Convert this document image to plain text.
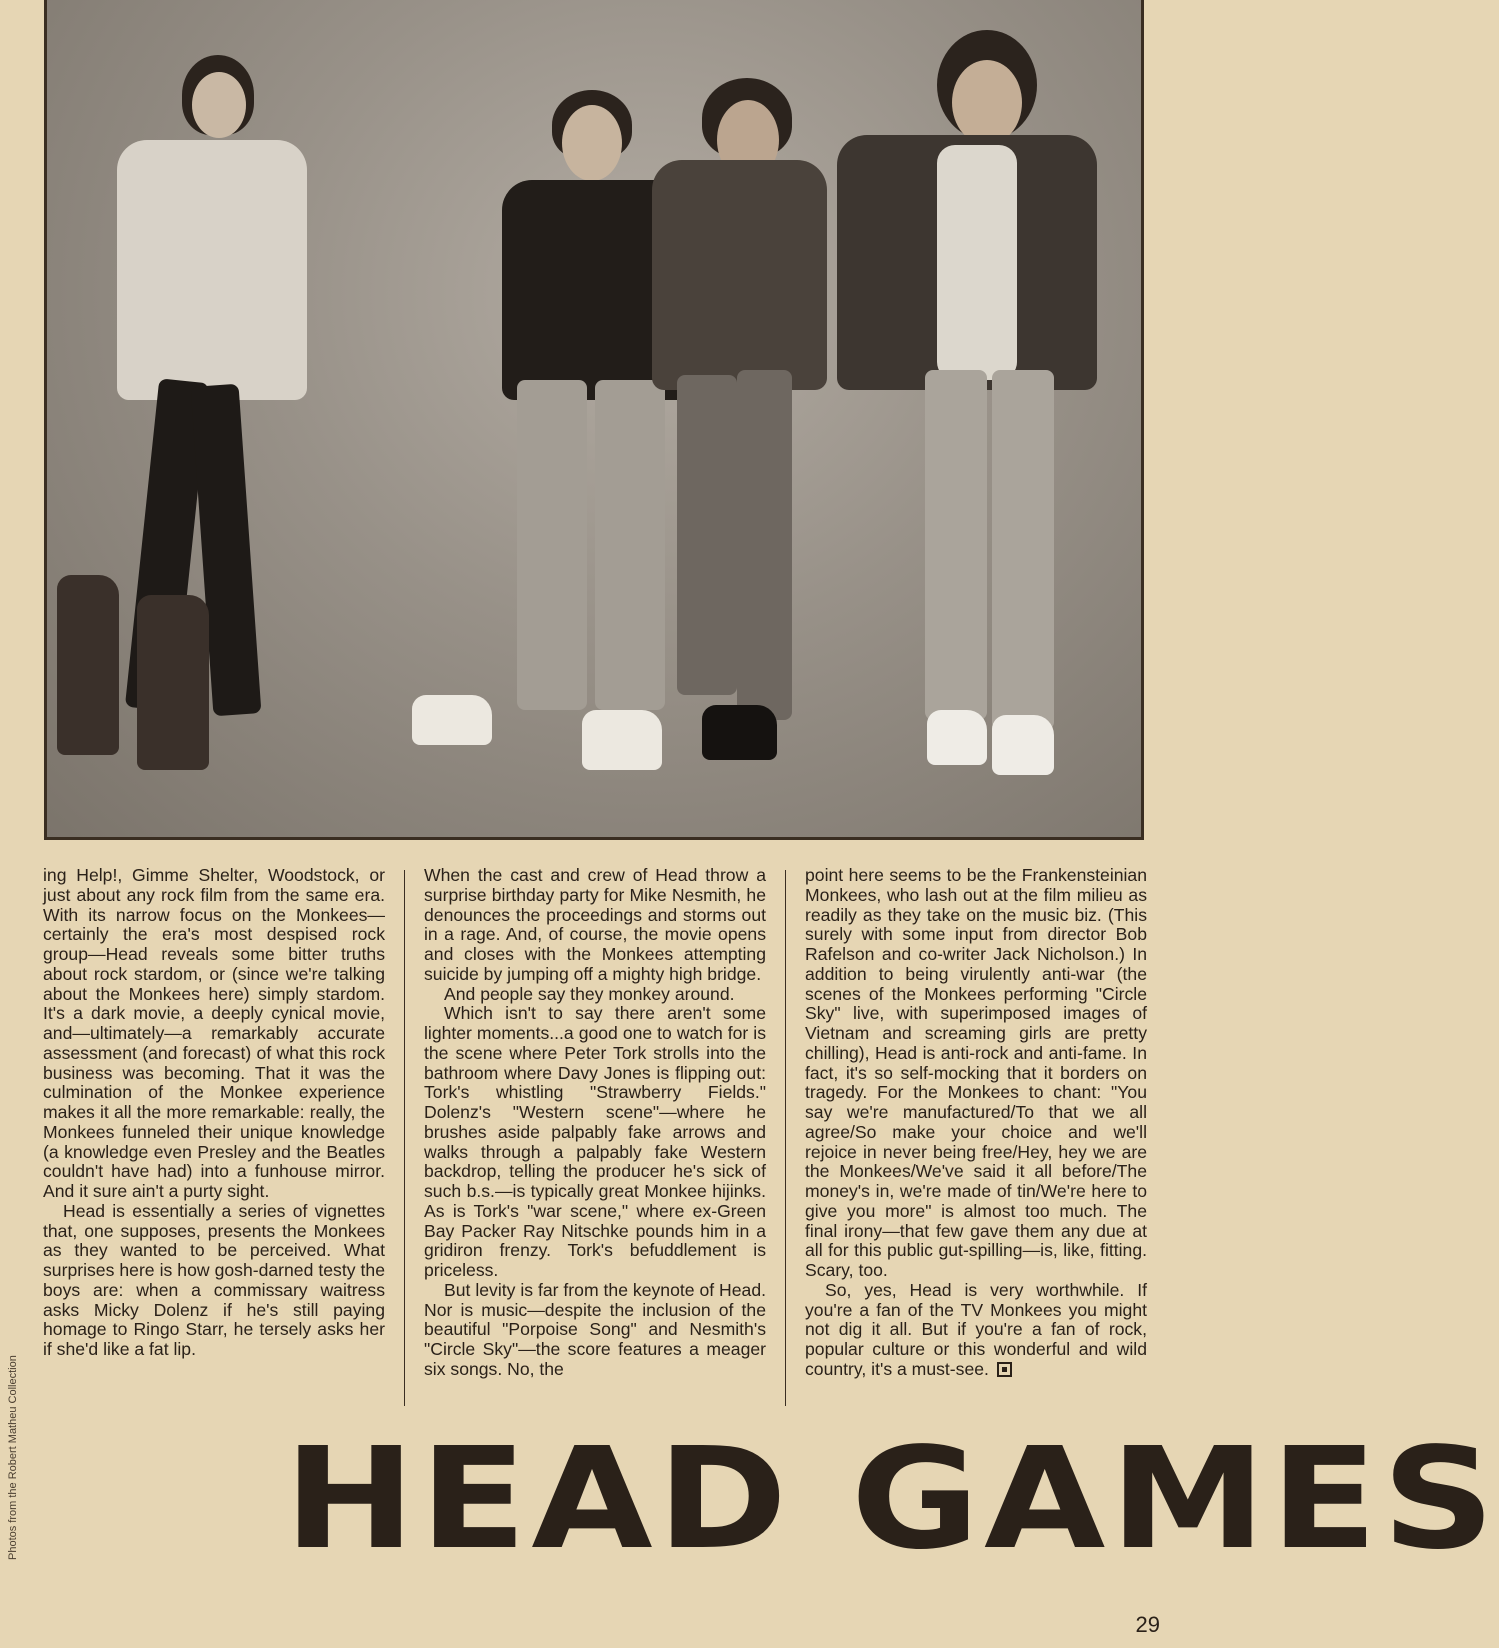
ing Help!, Gimme Shelter, Woodstock, or just about any rock film from the same era. With its narrow focus on the Monkees—certainly the era's most despised rock group—Head reveals some bitter truths about rock stardom, or (since we're talking about the Monkees here) simply stardom. It's a dark movie, a deeply cynical movie, and—ultimately—a remarkably accurate assessment (and forecast) of what this rock business was becoming. That it was the culmination of the Monkee experience makes it all the more remarkable: really, the Monkees funneled their unique knowledge (a knowledge even Presley and the Beatles couldn't have had) into a funhouse mirror. And it sure ain't a purty sight.

Head is essentially a series of vignettes that, one supposes, presents the Monkees as they wanted to be perceived. What surprises here is how gosh-darned testy the boys are: when a commissary waitress asks Micky Dolenz if he's still paying homage to Ringo Starr, he tersely asks her if she'd like a fat lip.

When the cast and crew of Head throw a surprise birthday party for Mike Nesmith, he denounces the proceedings and storms out in a rage. And, of course, the movie opens and closes with the Monkees attempting suicide by jumping off a mighty high bridge.

And people say they monkey around.

Which isn't to say there aren't some lighter moments...a good one to watch for is the scene where Peter Tork strolls into the bathroom where Davy Jones is flipping out: Tork's whistling "Strawberry Fields." Dolenz's "Western scene"—where he brushes aside palpably fake arrows and walks through a palpably fake Western backdrop, telling the producer he's sick of such b.s.—is typically great Monkee hijinks. As is Tork's "war scene," where ex-Green Bay Packer Ray Nitschke pounds him in a gridiron frenzy. Tork's befuddlement is priceless.

But levity is far from the keynote of Head. Nor is music—despite the inclusion of the beautiful "Porpoise Song" and Nesmith's "Circle Sky"—the score features a meager six songs. No, the

point here seems to be the Frankensteinian Monkees, who lash out at the film milieu as readily as they take on the music biz. (This surely with some input from director Bob Rafelson and co-writer Jack Nicholson.) In addition to being virulently anti-war (the scenes of the Monkees performing "Circle Sky" live, with superimposed images of Vietnam and screaming girls are pretty chilling), Head is anti-rock and anti-fame. In fact, it's so self-mocking that it borders on tragedy. For the Monkees to chant: "You say we're manufactured/To that we all agree/So make your choice and we'll rejoice in never being free/Hey, hey we are the Monkees/We've said it all before/The money's in, we're made of tin/We're here to give you more" is almost too much. The final irony—that few gave them any due at all for this public gut-spilling—is, like, fitting. Scary, too.

So, yes, Head is very worthwhile. If you're a fan of the TV Monkees you might not dig it all. But if you're a fan of rock, popular culture or this wonderful and wild country, it's a must-see.

HEAD GAMES
Photos from the Robert Matheu Collection
29
